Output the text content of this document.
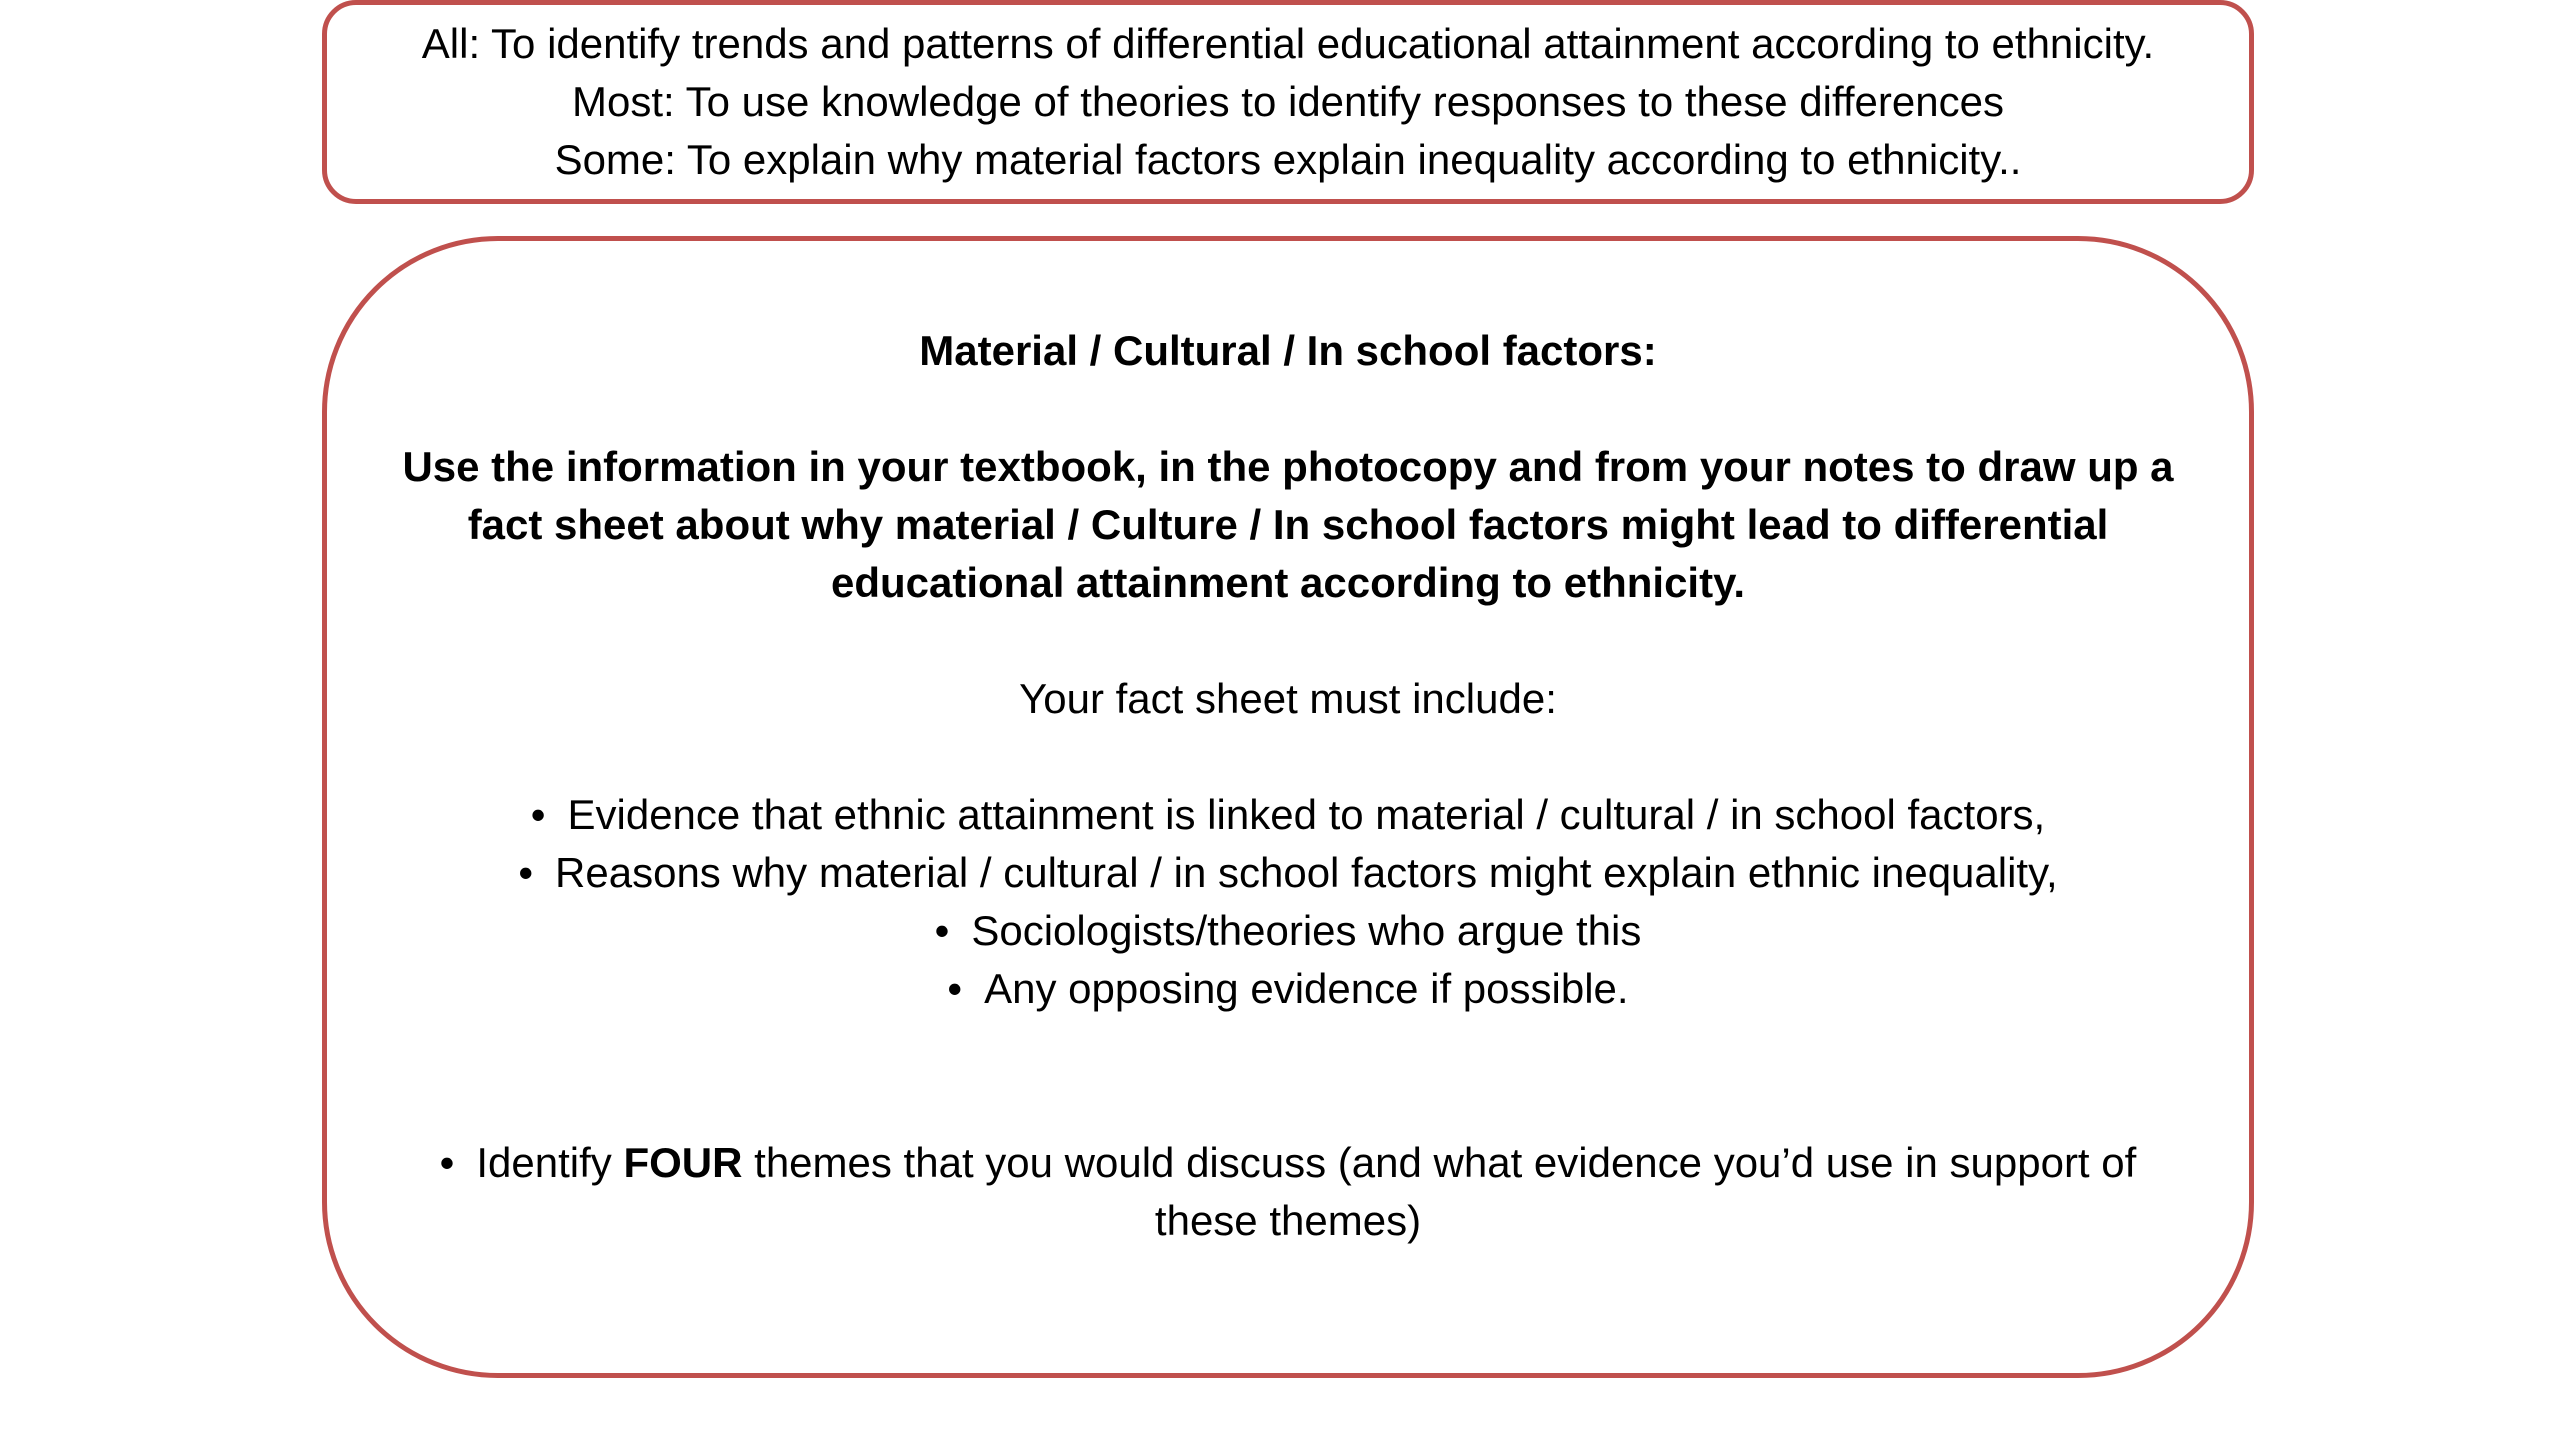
All: To identify trends and patterns of differential educational attainment according to ethnicity.
Most: To use knowledge of theories to identify responses to these differences
Some: To explain why material factors explain inequality according to ethnicity..

Material / Cultural / In school factors:

Use the information in your textbook, in the photocopy and from your notes to draw up a fact sheet about why material / Culture / In school factors might lead to differential educational attainment according to ethnicity.

Your fact sheet must include:

• Evidence that ethnic attainment is linked to material / cultural / in school factors,
• Reasons why material / cultural / in school factors might explain ethnic inequality,
• Sociologists/theories who argue this
• Any opposing evidence if possible.

• Identify FOUR themes that you would discuss (and what evidence you’d use in support of these themes)
